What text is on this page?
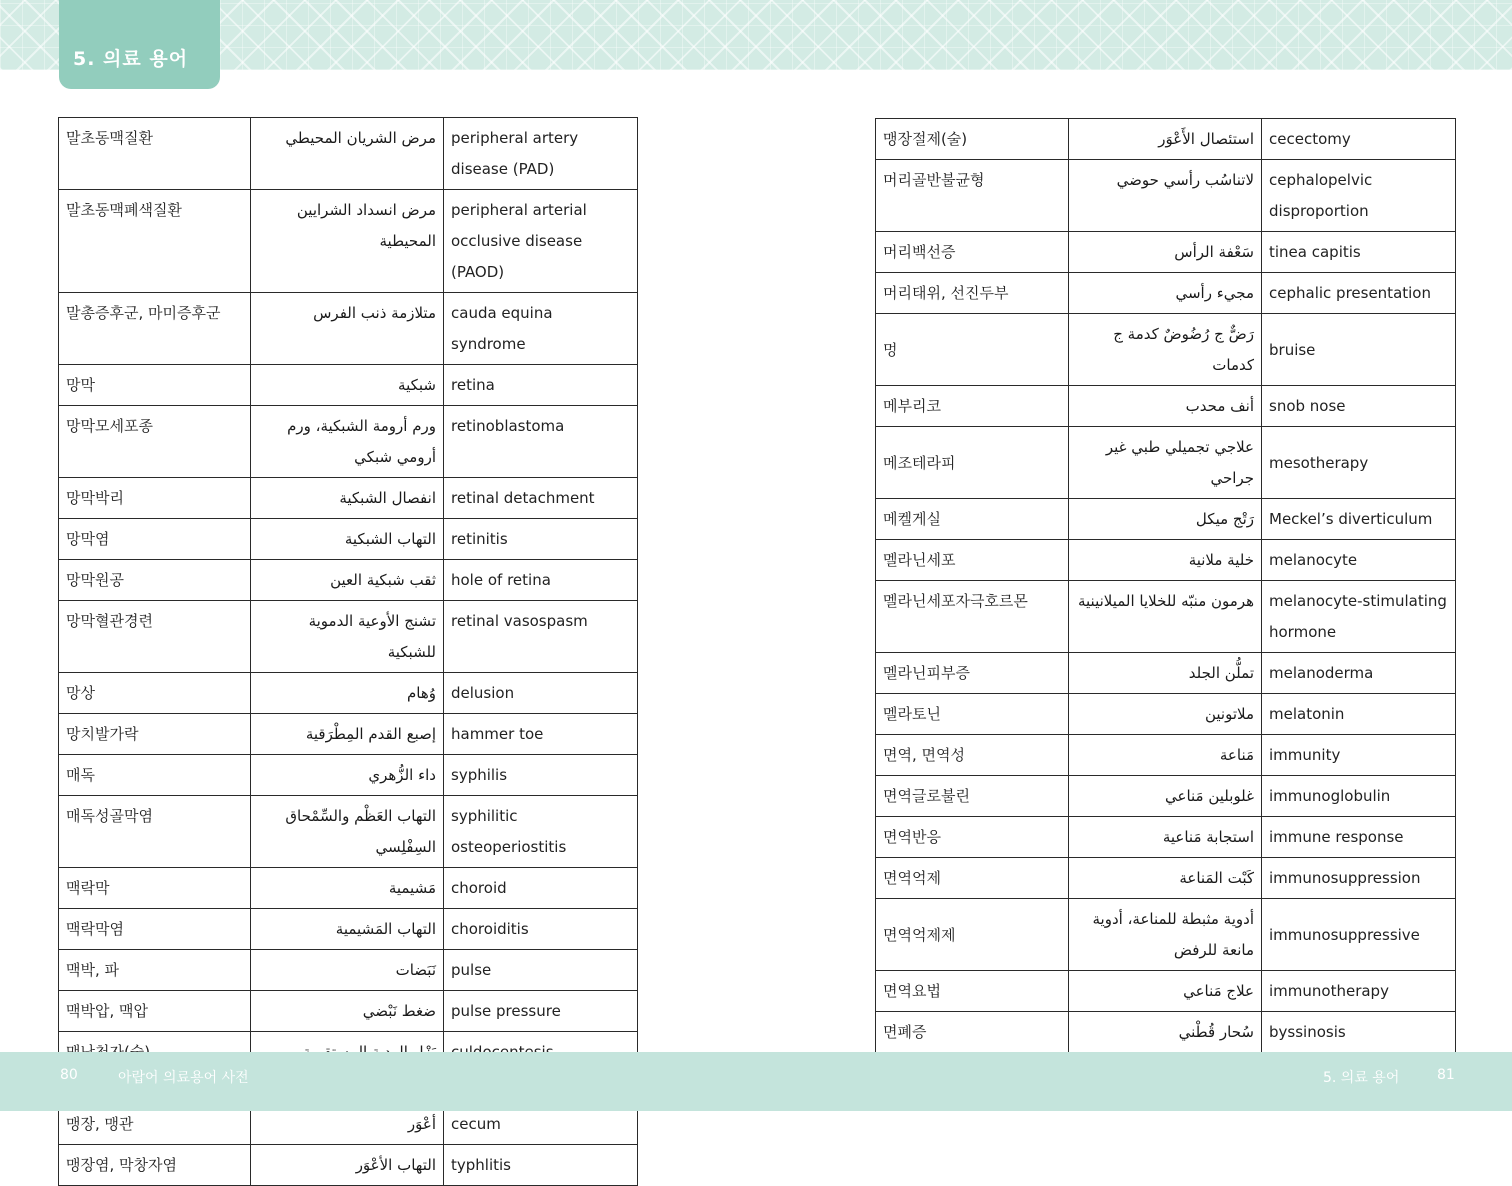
5. 의료 용어
말초동맥질환	مرض الشريان المحيطي	peripheral artery disease (PAD)
말초동맥폐색질환	مرض انسداد الشرايين المحيطية	peripheral arterial occlusive disease (PAOD)
말총증후군, 마미증후군	متلازمة ذنب الفرس	cauda equina syndrome
망막	شبكية	retina
망막모세포종	ورم أرومة الشبكية، ورم أرومي شبكي	retinoblastoma
망막박리	انفصال الشبكية	retinal detachment
망막염	التهاب الشبكية	retinitis
망막원공	ثقب شبكية العين	hole of retina
망막혈관경련	تشنج الأوعية الدموية للشبكية	retinal vasospasm
망상	وُهام	delusion
망치발가락	إصبع القدم المِطْرَقية	hammer toe
매독	داء الزُّهري	syphilis
매독성골막염	التهاب العَظْم والسِّمْحاق السِفْلِسي	syphilitic osteoperiostitis
맥락막	مَشيمية	choroid
맥락막염	التهاب المَشيمية	choroiditis
맥박, 파	نَبَضات	pulse
맥박압, 맥압	ضغط نَبْضي	pulse pressure

맹장, 맹관	أعْوَر	cecum
맹장염, 막창자염	التهاب الأعْوَر	typhlitis
맹장절제(술)	استئصال الأَعْوَر	cecectomy
머리골반불균형	لاتناسُب رأسي حوضي	cephalopelvic disproportion
머리백선증	سَعْفة الرأس	tinea capitis
머리태위, 선진두부	مجيء رأسي	cephalic presentation
멍	رَضٌّ ج رُضُوضٌ كدمة ج كدمات	bruise
메부리코	أنف محدب	snob nose
메조테라피	علاجي تجميلي طبي غير جراحي	mesotherapy
메켈게실	رَتْج ميكل	Meckel’s diverticulum
멜라닌세포	خلية ملانية	melanocyte
멜라닌세포자극호르몬	هرمون منبّه للخلايا الميلانينية	melanocyte-stimulating hormone
멜라닌피부증	تملُّن الجلد	melanoderma
멜라토닌	ملاتونين	melatonin
면역, 면역성	مَناعة	immunity
면역글로불린	غلوبلين مَناعي	immunoglobulin
면역반응	استجابة مَناعية	immune response
면역억제	كَبْت المَناعة	immunosuppression
면역억제제	أدوية مثبطة للمناعة، أدوية مانعة للرفض	immunosuppressive
면역요법	علاج مَناعي	immunotherapy
면폐증	سُحار قُطْني	byssinosis

80	아랍어 의료용어 사전	5. 의료 용어	81
